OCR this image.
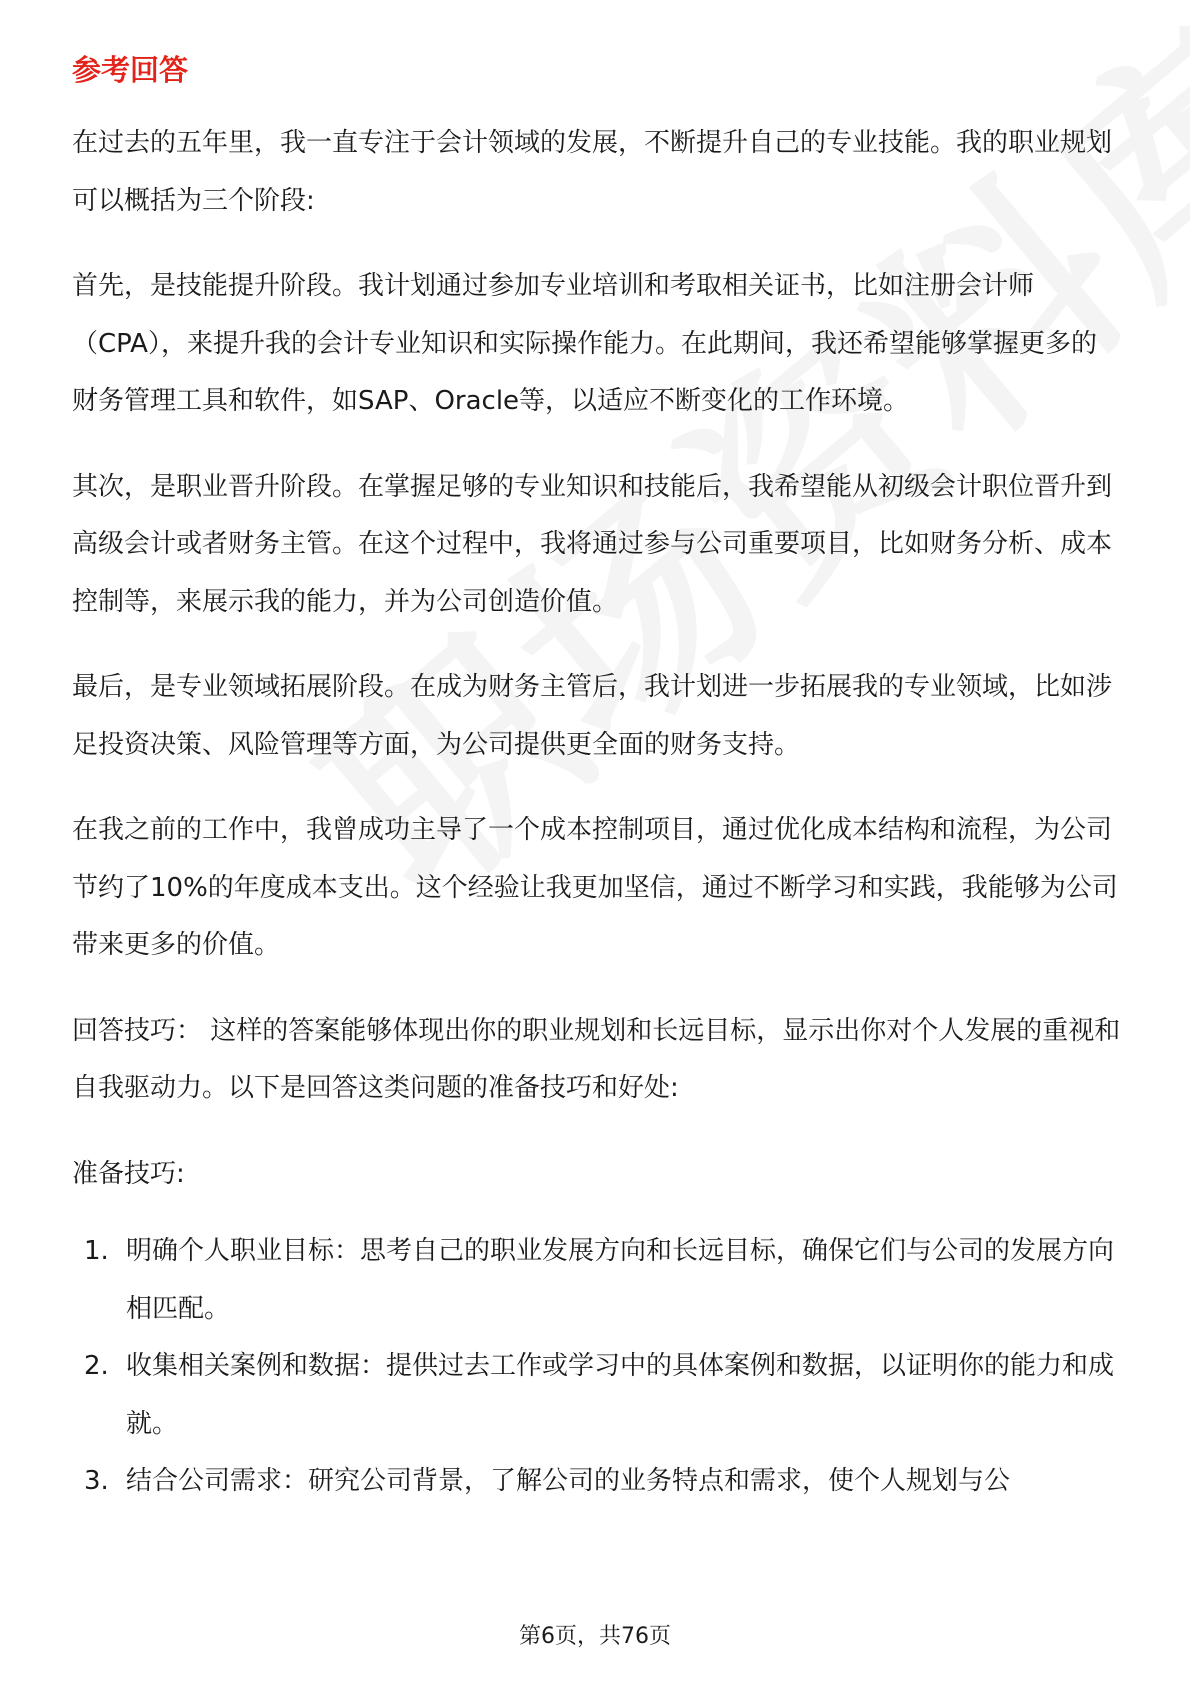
参考回答

在过去的五年里，我一直专注于会计领域的发展，不断提升自己的专业技能。我的职业规划可以概括为三个阶段:

首先，是技能提升阶段。我计划通过参加专业培训和考取相关证书，比如注册会计师（CPA），来提升我的会计专业知识和实际操作能力。在此期间，我还希望能够掌握更多的财务管理工具和软件，如SAP、Oracle等，以适应不断变化的工作环境。

其次，是职业晋升阶段。在掌握足够的专业知识和技能后，我希望能从初级会计职位晋升到高级会计或者财务主管。在这个过程中，我将通过参与公司重要项目，比如财务分析、成本控制等，来展示我的能力，并为公司创造价值。

最后，是专业领域拓展阶段。在成为财务主管后，我计划进一步拓展我的专业领域，比如涉足投资决策、风险管理等方面，为公司提供更全面的财务支持。

在我之前的工作中，我曾成功主导了一个成本控制项目，通过优化成本结构和流程，为公司节约了10%的年度成本支出。这个经验让我更加坚信，通过不断学习和实践，我能够为公司带来更多的价值。

回答技巧： 这样的答案能够体现出你的职业规划和长远目标，显示出你对个人发展的重视和自我驱动力。以下是回答这类问题的准备技巧和好处:

准备技巧:

1. 明确个人职业目标：思考自己的职业发展方向和长远目标，确保它们与公司的发展方向相匹配。
2. 收集相关案例和数据：提供过去工作或学习中的具体案例和数据，以证明你的能力和成就。
3. 结合公司需求：研究公司背景，了解公司的业务特点和需求，使个人规划与公
第6页，共76页
